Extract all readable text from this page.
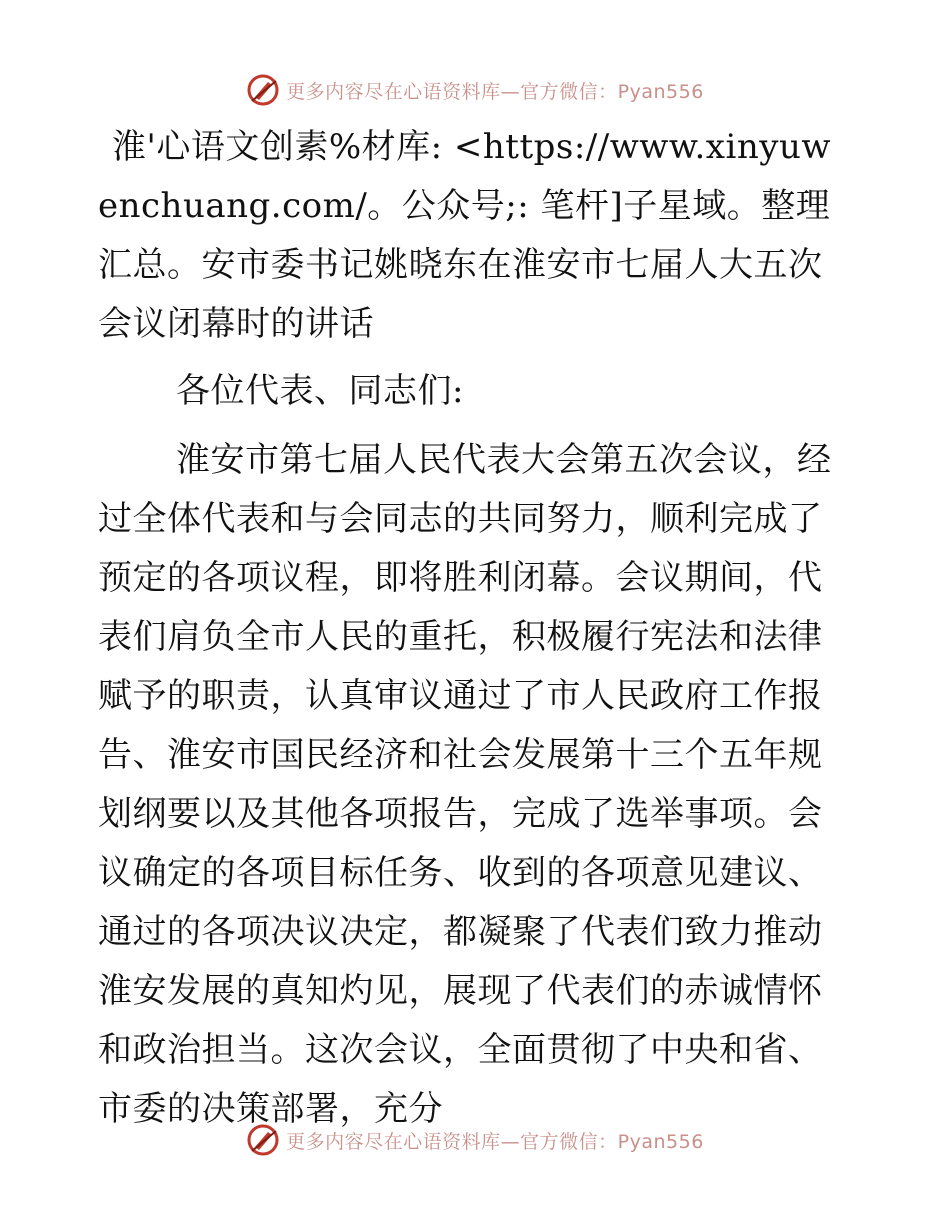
更多内容尽在心语资料库—官方微信：Pyan556

淮'心语文创素%材库: <https://www.xinyuwenchuang.com/。公众号;: 笔杆]子星域。整理汇总。安市委书记姚晓东在淮安市七届人大五次会议闭幕时的讲话

各位代表、同志们:

淮安市第七届人民代表大会第五次会议，经过全体代表和与会同志的共同努力，顺利完成了预定的各项议程，即将胜利闭幕。会议期间，代表们肩负全市人民的重托，积极履行宪法和法律赋予的职责，认真审议通过了市人民政府工作报告、淮安市国民经济和社会发展第十三个五年规划纲要以及其他各项报告，完成了选举事项。会议确定的各项目标任务、收到的各项意见建议、通过的各项决议决定，都凝聚了代表们致力推动淮安发展的真知灼见，展现了代表们的赤诚情怀和政治担当。这次会议，全面贯彻了中央和省、市委的决策部署，充分

更多内容尽在心语资料库—官方微信：Pyan556
